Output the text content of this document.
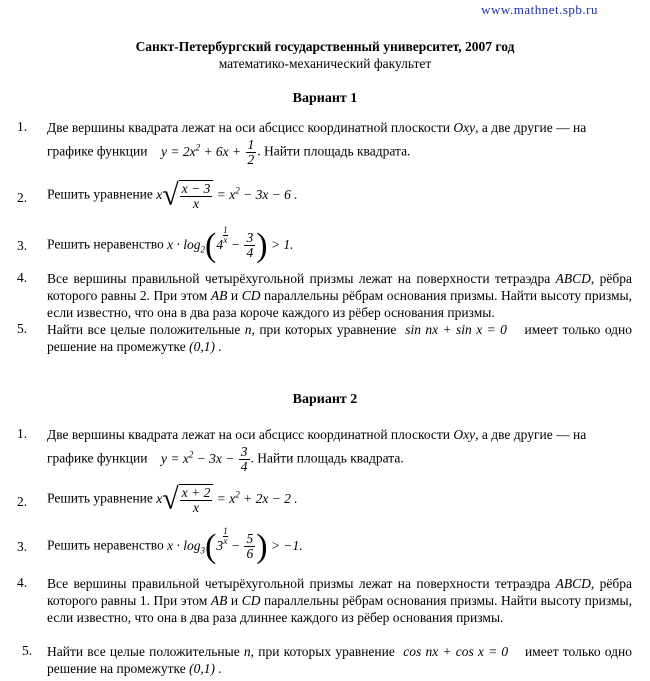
www.mathnet.spb.ru
Санкт-Петербургский государственный университет, 2007 год
математико-механический факультет
Вариант 1
1. Две вершины квадрата лежат на оси абсцисс координатной плоскости Oxy, а две другие — на
графике функции $y = 2x^2 + 6x + \frac{1}{2}$ . Найти площадь квадрата.
2. Решить уравнение $x√ \frac{x - 3}{x} = x^2 - 3x - 6$ .
3. Решить неравенство $x \cdot \log_2(4 \frac{1}{x} - \frac{3}{4}$ ) > 1.
4. Все вершины правильной четырёхугольной призмы лежат на поверхности тетраэдра ABCD, рёбра которого равны 2. При этом AB и CD параллельны рёбрам основания призмы. Найти высоту призмы, если известно, что она в два раза короче каждого из рёбер основания призмы.
5. Найти все целые положительные n, при которых уравнение sin nx + sin x = 0 имеет только одно решение на промежутке (0,1) .
Вариант 2
1. Две вершины квадрата лежат на оси абсцисс координатной плоскости Oxy, а две другие — на
графике функции $y = x^2 - 3x - \frac{3}{4}$ . Найти площадь квадрата.
2. Решить уравнение $x√ \frac{x + 2}{x} = x^2 + 2x - 2$ .
3. Решить неравенство $x \cdot \log_3(3 \frac{1}{x} - \frac{5}{6}$ ) > −1.
4. Все вершины правильной четырёхугольной призмы лежат на поверхности тетраэдра ABCD, рёбра которого равны 1. При этом AB и CD параллельны рёбрам основания призмы. Найти высоту призмы, если известно, что она в два раза длиннее каждого из рёбер основания призмы.
5. Найти все целые положительные n, при которых уравнение cos nx + cos x = 0 имеет только одно решение на промежутке (0,1) .
